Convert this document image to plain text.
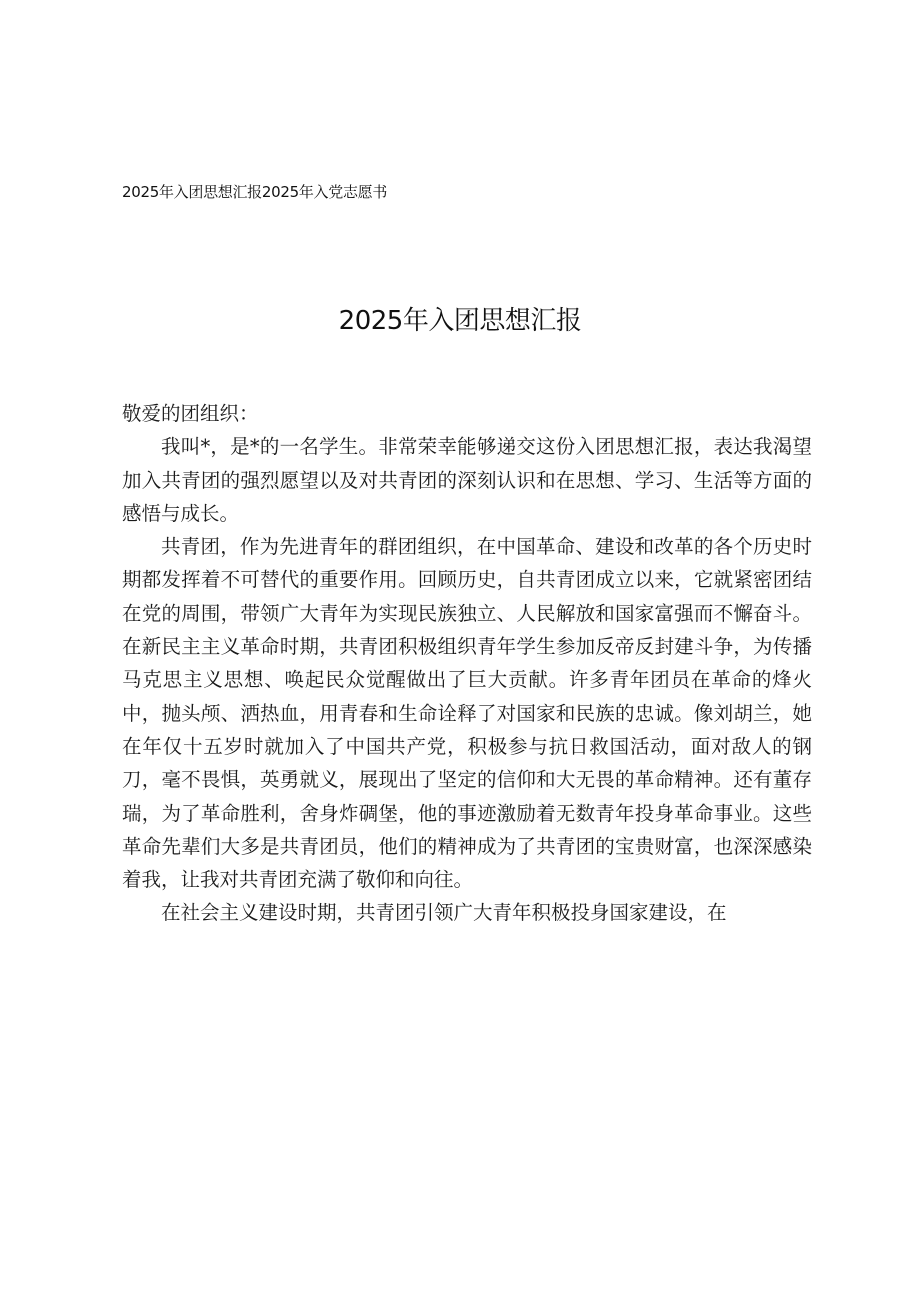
2025年入团思想汇报2025年入党志愿书
2025年入团思想汇报

敬爱的团组织：

我叫*，是*的一名学生。非常荣幸能够递交这份入团思想汇报，表达我渴望加入共青团的强烈愿望以及对共青团的深刻认识和在思想、学习、生活等方面的感悟与成长。

共青团，作为先进青年的群团组织，在中国革命、建设和改革的各个历史时期都发挥着不可替代的重要作用。回顾历史，自共青团成立以来，它就紧密团结在党的周围，带领广大青年为实现民族独立、人民解放和国家富强而不懈奋斗。在新民主主义革命时期，共青团积极组织青年学生参加反帝反封建斗争，为传播马克思主义思想、唤起民众觉醒做出了巨大贡献。许多青年团员在革命的烽火中，抛头颅、洒热血，用青春和生命诠释了对国家和民族的忠诚。像刘胡兰，她在年仅十五岁时就加入了中国共产党，积极参与抗日救国活动，面对敌人的钢刀，毫不畏惧，英勇就义，展现出了坚定的信仰和大无畏的革命精神。还有董存瑞，为了革命胜利，舍身炸碉堡，他的事迹激励着无数青年投身革命事业。这些革命先辈们大多是共青团员，他们的精神成为了共青团的宝贵财富，也深深感染着我，让我对共青团充满了敬仰和向往。

在社会主义建设时期，共青团引领广大青年积极投身国家建设，在
